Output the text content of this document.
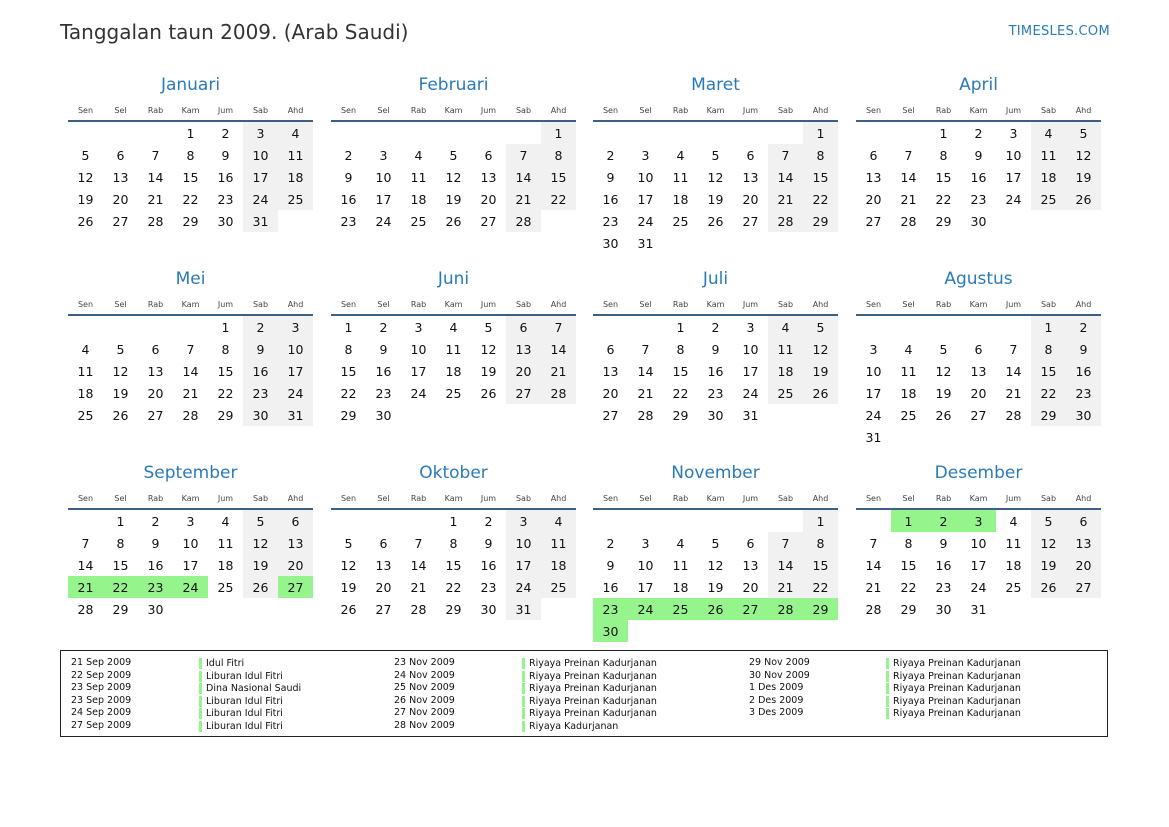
Tanggalan taun 2009. (Arab Saudi)	TIMESLES.COM
Januari
Sen	Sel	Rab	Kam	Jum	Sab	Ahd
			1	2	3	4
5	6	7	8	9	10	11
12	13	14	15	16	17	18
19	20	21	22	23	24	25
26	27	28	29	30	31	
Februari
Sen	Sel	Rab	Kam	Jum	Sab	Ahd
						1
2	3	4	5	6	7	8
9	10	11	12	13	14	15
16	17	18	19	20	21	22
23	24	25	26	27	28	
Maret
Sen	Sel	Rab	Kam	Jum	Sab	Ahd
						1
2	3	4	5	6	7	8
9	10	11	12	13	14	15
16	17	18	19	20	21	22
23	24	25	26	27	28	29
30	31					
April
Sen	Sel	Rab	Kam	Jum	Sab	Ahd
		1	2	3	4	5
6	7	8	9	10	11	12
13	14	15	16	17	18	19
20	21	22	23	24	25	26
27	28	29	30			
Mei
Sen	Sel	Rab	Kam	Jum	Sab	Ahd
				1	2	3
4	5	6	7	8	9	10
11	12	13	14	15	16	17
18	19	20	21	22	23	24
25	26	27	28	29	30	31
Juni
Sen	Sel	Rab	Kam	Jum	Sab	Ahd
1	2	3	4	5	6	7
8	9	10	11	12	13	14
15	16	17	18	19	20	21
22	23	24	25	26	27	28
29	30					
Juli
Sen	Sel	Rab	Kam	Jum	Sab	Ahd
		1	2	3	4	5
6	7	8	9	10	11	12
13	14	15	16	17	18	19
20	21	22	23	24	25	26
27	28	29	30	31		
Agustus
Sen	Sel	Rab	Kam	Jum	Sab	Ahd
					1	2
3	4	5	6	7	8	9
10	11	12	13	14	15	16
17	18	19	20	21	22	23
24	25	26	27	28	29	30
31						
September
Sen	Sel	Rab	Kam	Jum	Sab	Ahd
	1	2	3	4	5	6
7	8	9	10	11	12	13
14	15	16	17	18	19	20
21	22	23	24	25	26	27
28	29	30				
Oktober
Sen	Sel	Rab	Kam	Jum	Sab	Ahd
			1	2	3	4
5	6	7	8	9	10	11
12	13	14	15	16	17	18
19	20	21	22	23	24	25
26	27	28	29	30	31	
November
Sen	Sel	Rab	Kam	Jum	Sab	Ahd
						1
2	3	4	5	6	7	8
9	10	11	12	13	14	15
16	17	18	19	20	21	22
23	24	25	26	27	28	29
30						
Desember
Sen	Sel	Rab	Kam	Jum	Sab	Ahd
	1	2	3	4	5	6
7	8	9	10	11	12	13
14	15	16	17	18	19	20
21	22	23	24	25	26	27
28	29	30	31			
21 Sep 2009	Idul Fitri
22 Sep 2009	Liburan Idul Fitri
23 Sep 2009	Dina Nasional Saudi
23 Sep 2009	Liburan Idul Fitri
24 Sep 2009	Liburan Idul Fitri
27 Sep 2009	Liburan Idul Fitri
23 Nov 2009	Riyaya Preinan Kadurjanan
24 Nov 2009	Riyaya Preinan Kadurjanan
25 Nov 2009	Riyaya Preinan Kadurjanan
26 Nov 2009	Riyaya Preinan Kadurjanan
27 Nov 2009	Riyaya Preinan Kadurjanan
28 Nov 2009	Riyaya Kadurjanan
29 Nov 2009	Riyaya Preinan Kadurjanan
30 Nov 2009	Riyaya Preinan Kadurjanan
1 Des 2009	Riyaya Preinan Kadurjanan
2 Des 2009	Riyaya Preinan Kadurjanan
3 Des 2009	Riyaya Preinan Kadurjanan
